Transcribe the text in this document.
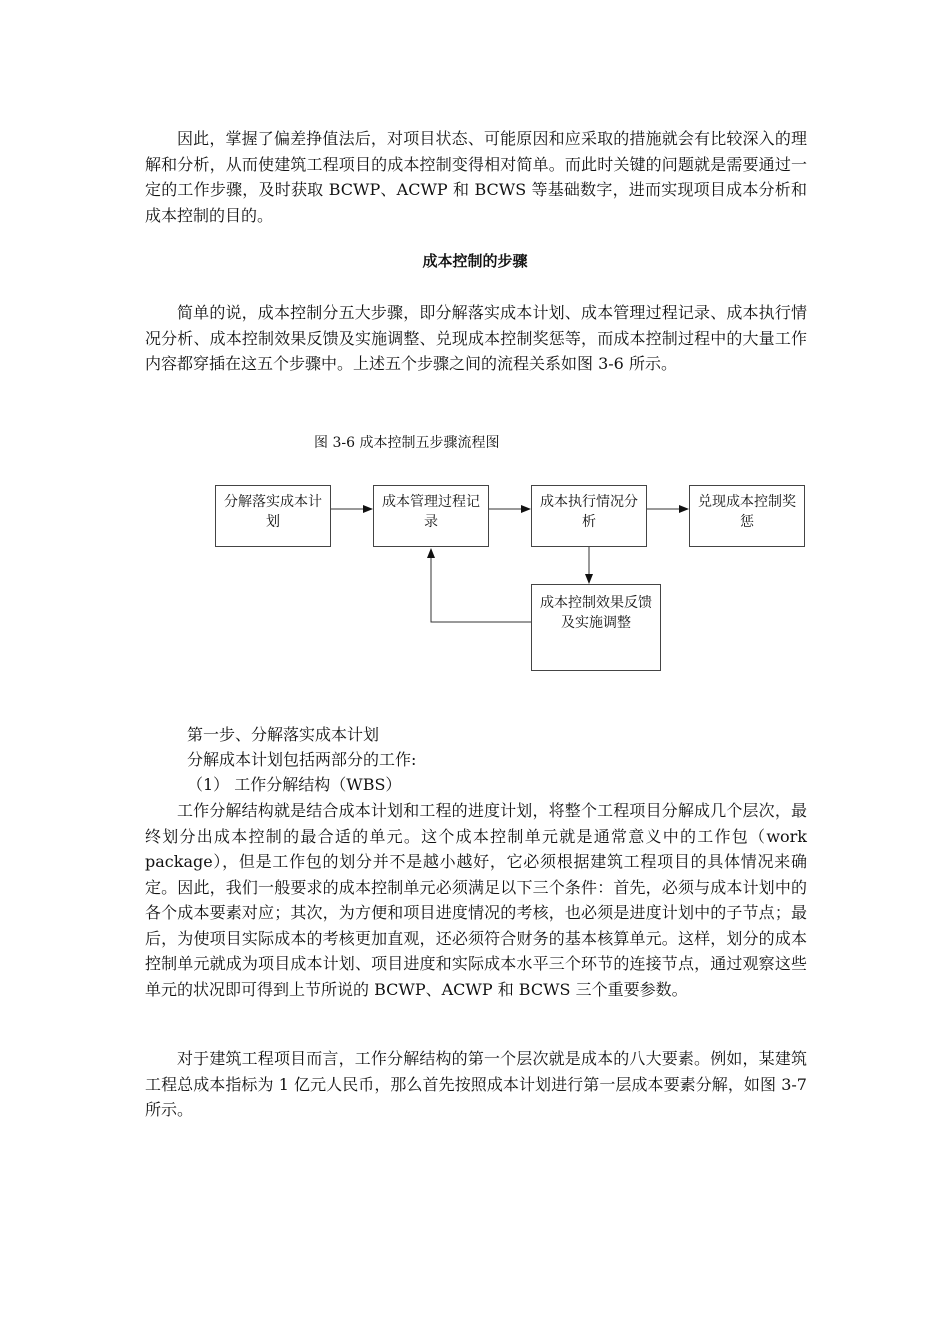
因此，掌握了偏差挣值法后，对项目状态、可能原因和应采取的措施就会有比较深入的理解和分析，从而使建筑工程项目的成本控制变得相对简单。而此时关键的问题就是需要通过一定的工作步骤，及时获取 BCWP、ACWP 和 BCWS 等基础数字，进而实现项目成本分析和成本控制的目的。

成本控制的步骤

简单的说，成本控制分五大步骤，即分解落实成本计划、成本管理过程记录、成本执行情况分析、成本控制效果反馈及实施调整、兑现成本控制奖惩等，而成本控制过程中的大量工作内容都穿插在这五个步骤中。上述五个步骤之间的流程关系如图 3-6 所示。

图 3-6 成本控制五步骤流程图

分解落实成本计划
成本管理过程记录
成本执行情况分析
兑现成本控制奖惩
成本控制效果反馈及实施调整

第一步、分解落实成本计划

分解成本计划包括两部分的工作:

（1） 工作分解结构（WBS）

工作分解结构就是结合成本计划和工程的进度计划，将整个工程项目分解成几个层次，最终划分出成本控制的最合适的单元。这个成本控制单元就是通常意义中的工作包（work package），但是工作包的划分并不是越小越好，它必须根据建筑工程项目的具体情况来确定。因此，我们一般要求的成本控制单元必须满足以下三个条件：首先，必须与成本计划中的各个成本要素对应；其次，为方便和项目进度情况的考核，也必须是进度计划中的子节点；最后，为使项目实际成本的考核更加直观，还必须符合财务的基本核算单元。这样，划分的成本控制单元就成为项目成本计划、项目进度和实际成本水平三个环节的连接节点，通过观察这些单元的状况即可得到上节所说的 BCWP、ACWP 和 BCWS 三个重要参数。

对于建筑工程项目而言，工作分解结构的第一个层次就是成本的八大要素。例如，某建筑工程总成本指标为 1 亿元人民币，那么首先按照成本计划进行第一层成本要素分解，如图 3-7 所示。
